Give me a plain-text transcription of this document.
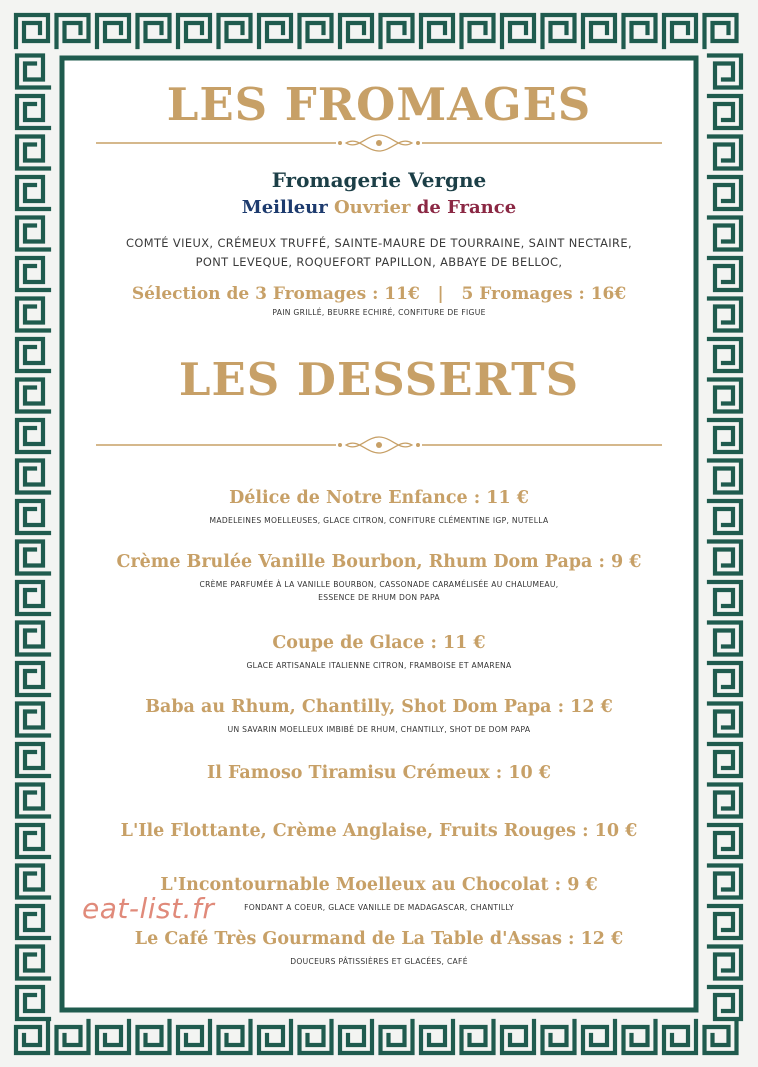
LES FROMAGES
Fromagerie Vergne
Meilleur Ouvrier de France
COMTÉ VIEUX, CRÉMEUX TRUFFÉ, SAINTE-MAURE DE TOURRAINE, SAINT NECTAIRE,
PONT LEVEQUE, ROQUEFORT PAPILLON, ABBAYE DE BELLOC,
Sélection de 3 Fromages : 11€ | 5 Fromages : 16€
PAIN GRILLÉ, BEURRE ECHIRÉ, CONFITURE DE FIGUE
LES DESSERTS
Délice de Notre Enfance : 11 €
MADELEINES MOELLEUSES, GLACE CITRON, CONFITURE CLÉMENTINE IGP, NUTELLA
Crème Brulée Vanille Bourbon, Rhum Dom Papa : 9 €
CRÈME PARFUMÉE À LA VANILLE BOURBON, CASSONADE CARAMÉLISÉE AU CHALUMEAU,
ESSENCE DE RHUM DON PAPA
Coupe de Glace : 11 €
GLACE ARTISANALE ITALIENNE CITRON, FRAMBOISE ET AMARENA
Baba au Rhum, Chantilly, Shot Dom Papa : 12 €
UN SAVARIN MOELLEUX IMBIBÉ DE RHUM, CHANTILLY, SHOT DE DOM PAPA
Il Famoso Tiramisu Crémeux : 10 €
L'Ile Flottante, Crème Anglaise, Fruits Rouges : 10 €
L'Incontournable Moelleux au Chocolat : 9 €
FONDANT A COEUR, GLACE VANILLE DE MADAGASCAR, CHANTILLY
Le Café Très Gourmand de La Table d'Assas : 12 €
DOUCEURS PÂTISSIÈRES ET GLACÉES, CAFÉ
eat-list.fr
